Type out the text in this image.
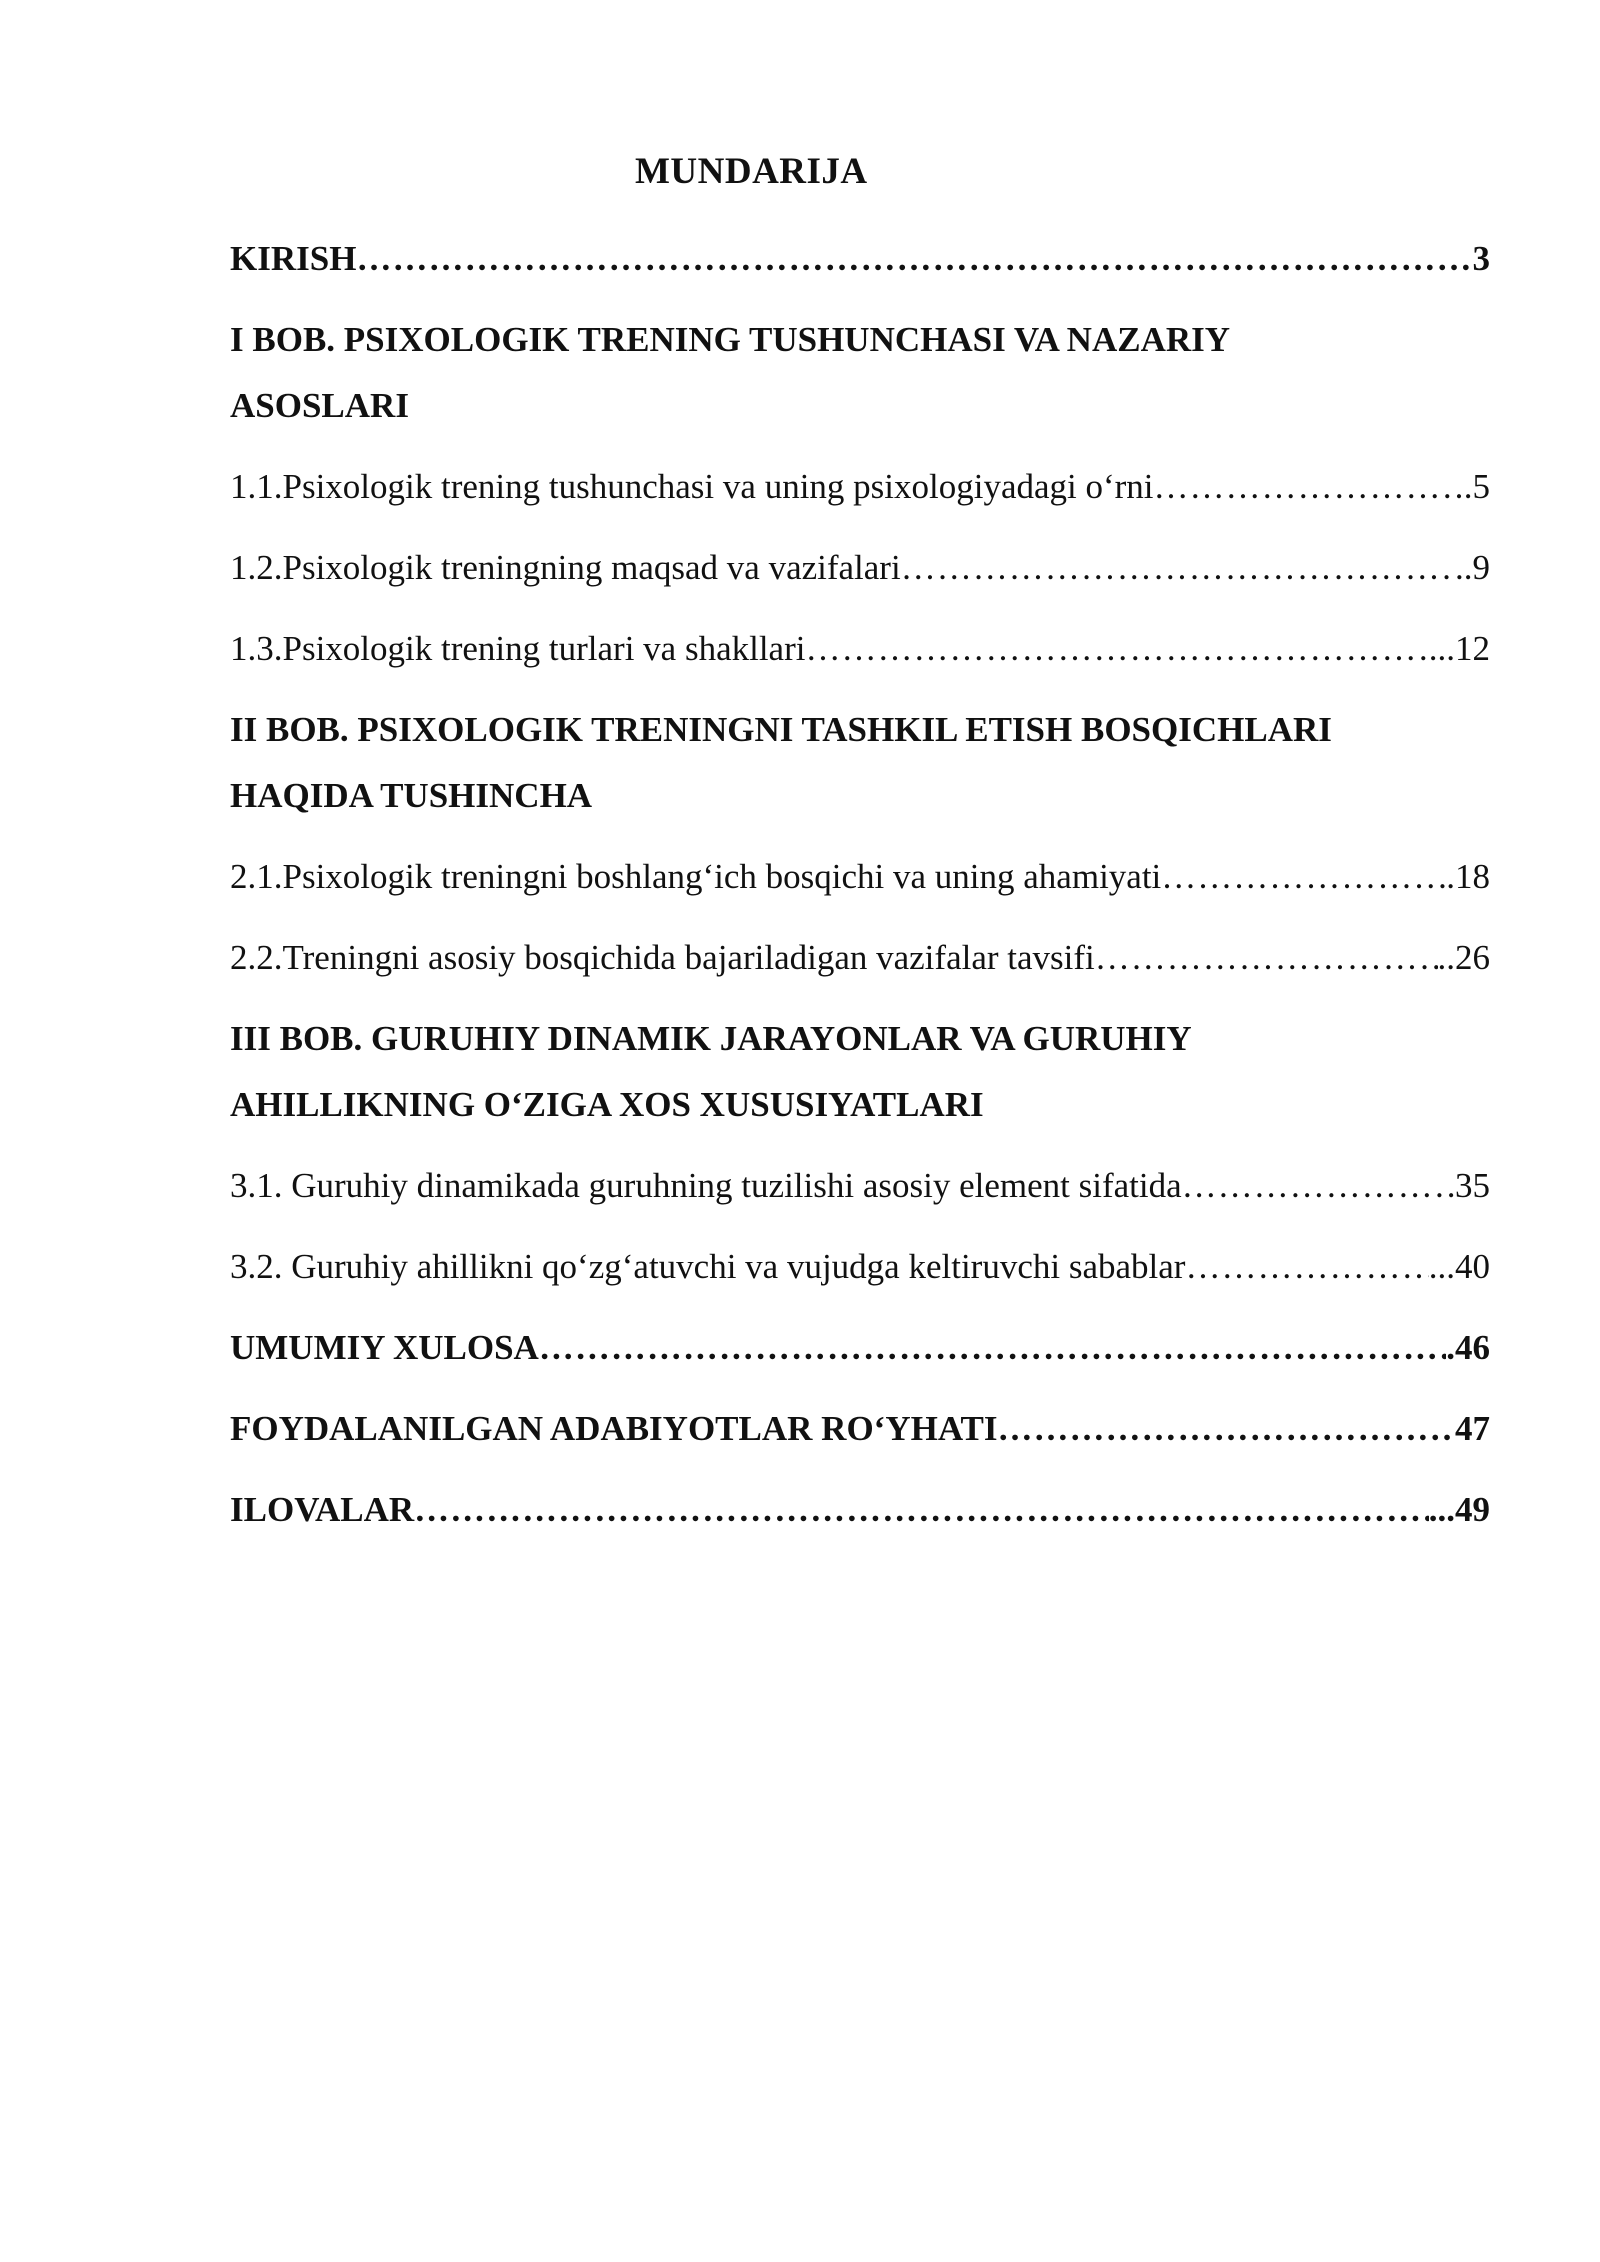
MUNDARIJA
KIRISH …………………………………………………………………………………………………………………………………………	3
I BOB. PSIXOLOGIK TRENING TUSHUNCHASI VA NAZARIY
ASOSLARI
1.1.Psixologik trening tushunchasi va uning psixologiyadagi o‘rni …………………………………………………………………………………………………………………………………………	.5
1.2.Psixologik treningning maqsad va vazifalari …………………………………………………………………………………………………………………………………………	..9
1.3.Psixologik trening turlari va shakllari …………………………………………………………………………………………………………………………………………	...12
II BOB. PSIXOLOGIK TRENINGNI TASHKIL ETISH BOSQICHLARI
HAQIDA TUSHINCHA
2.1.Psixologik treningni boshlang‘ich bosqichi va uning ahamiyati …………………………………………………………………………………………………………………………………………	.18
2.2.Treningni asosiy bosqichida bajariladigan vazifalar tavsifi …………………………………………………………………………………………………………………………………………	..26
III BOB. GURUHIY DINAMIK JARAYONLAR VA GURUHIY
AHILLIKNING O‘ZIGA XOS XUSUSIYATLARI
3.1. Guruhiy dinamikada guruhning tuzilishi asosiy element sifatida …………………………………………………………………………………………………………………………………………	35
3.2. Guruhiy ahillikni qo‘zg‘atuvchi va vujudga keltiruvchi sabablar …………………………………………………………………………………………………………………………………………	...40
UMUMIY XULOSA …………………………………………………………………………………………………………………………………………	.46
FOYDALANILGAN ADABIYOTLAR RO‘YHATI …………………………………………………………………………………………………………………………………………	47
ILOVALAR …………………………………………………………………………………………………………………………………………	...49
